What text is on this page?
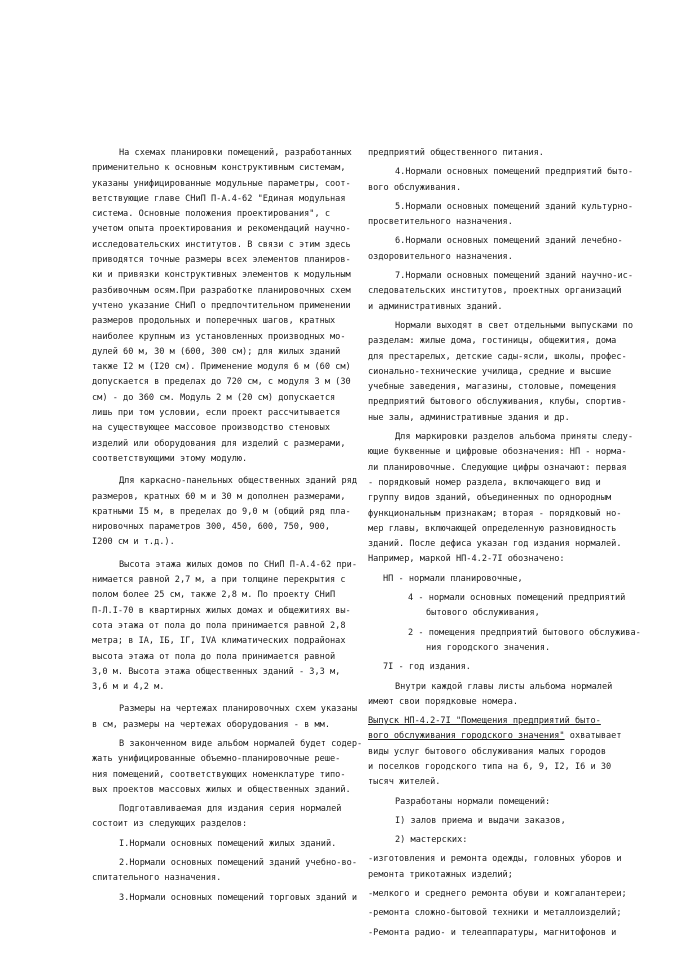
На схемах планировки помещений, разработанных

применительно к основным конструктивным системам,

указаны унифицированные модульные параметры, соот-

ветствующие главе СНиП П-А.4-62 "Единая модульная

система. Основные положения проектирования", с

учетом опыта проектирования и рекомендаций научно-

исследовательских институтов. В связи с этим здесь

приводятся точные размеры всех элементов планиров-

ки и привязки конструктивных элементов к модульным

разбивочным осям.При разработке планировочных схем

учтено указание СНиП о предпочтительном применении

размеров продольных и поперечных шагов, кратных

наиболее крупным из установленных производных мо-

дулей 60 м, 30 м (600, 300 см); для жилых зданий

также I2 м (I20 см). Применение модуля 6 м (60 см)

допускается в пределах до 720 см, с модуля 3 м (30

см) - до 360 см. Модуль 2 м (20 см) допускается

лишь при том условии, если проект рассчитывается

на существующее массовое производство стеновых

изделий или оборудования для изделий с размерами,

соответствующими этому модулю.

Для каркасно-панельных общественных зданий ряд

размеров, кратных 60 м и 30 м дополнен размерами,

кратными I5 м, в пределах до 9,0 м (общий ряд пла-

нировочных параметров 300, 450, 600, 750, 900,

I200 см и т.д.).

Высота этажа жилых домов по СНиП П-А.4-62 при-

нимается равной 2,7 м, а при толщине перекрытия с

полом более 25 см, также 2,8 м. По проекту СНиП

П-Л.I-70 в квартирных жилых домах и общежитиях вы-

сота этажа от пола до пола принимается равной 2,8

метра; в IA, IБ, IГ, IVA климатических подрайонах

высота этажа от пола до пола принимается равной

3,0 м. Высота этажа общественных зданий - 3,3 м,

3,6 м и 4,2 м.

Размеры на чертежах планировочных схем указаны

в см, размеры на чертежах оборудования - в мм.

В законченном виде альбом нормалей будет содер-

жать унифицированные объемно-планировочные реше-

ния помещений, соответствующих номенклатуре типо-

вых проектов массовых жилых и общественных зданий.

Подготавливаемая для издания серия нормалей

состоит из следующих разделов:

I.Нормали основных помещений жилых зданий.

2.Нормали основных помещений зданий учебно-во-

спитательного назначения.

3.Нормали основных помещений торговых зданий и

предприятий общественного питания.

4.Нормали основных помещений предприятий быто-

вого обслуживания.

5.Нормали основных помещений зданий культурно-

просветительного назначения.

6.Нормали основных помещений зданий лечебно-

оздоровительного назначения.

7.Нормали основных помещений зданий научно-ис-

следовательских институтов, проектных организаций

и административных зданий.

Нормали выходят в свет отдельными выпусками по

разделам: жилые дома, гостиницы, общежития, дома

для престарелых, детские сады-ясли, школы, профес-

сионально-технические училища, средние и высшие

учебные заведения, магазины, столовые, помещения

предприятий бытового обслуживания, клубы, спортив-

ные залы, административные здания и др.

Для маркировки разделов альбома приняты следу-

ющие буквенные и цифровые обозначения: НП - норма-

ли планировочные. Следующие цифры означают: первая

- порядковый номер раздела, включающего вид и

группу видов зданий, объединенных по однородным

функциональным признакам; вторая - порядковый но-

мер главы, включающей определенную разновидность

зданий. После дефиса указан год издания нормалей.

Например, маркой НП-4.2-7I обозначено:

НП - нормали планировочные,

4 - нормали основных помещений предприятий

бытового обслуживания,

2 - помещения предприятий бытового обслужива-

ния городского значения.

7I - год издания.

Внутри каждой главы листы альбома нормалей

имеют свои порядковые номера.

Выпуск НП-4.2-7I "Помещения предприятий быто-

вого обслуживания городского значения" охватывает

виды услуг бытового обслуживания малых городов

и поселков городского типа на 6, 9, I2, I6 и 30

тысяч жителей.

Разработаны нормали помещений:

I) залов приема и выдачи заказов,

2) мастерских:

-изготовления и ремонта одежды, головных уборов и

ремонта трикотажных изделий;

-мелкого и среднего ремонта обуви и кожгалантереи;

-ремонта сложно-бытовой техники и металлоизделий;

-Ремонта радио- и телеаппаратуры, магнитофонов и
